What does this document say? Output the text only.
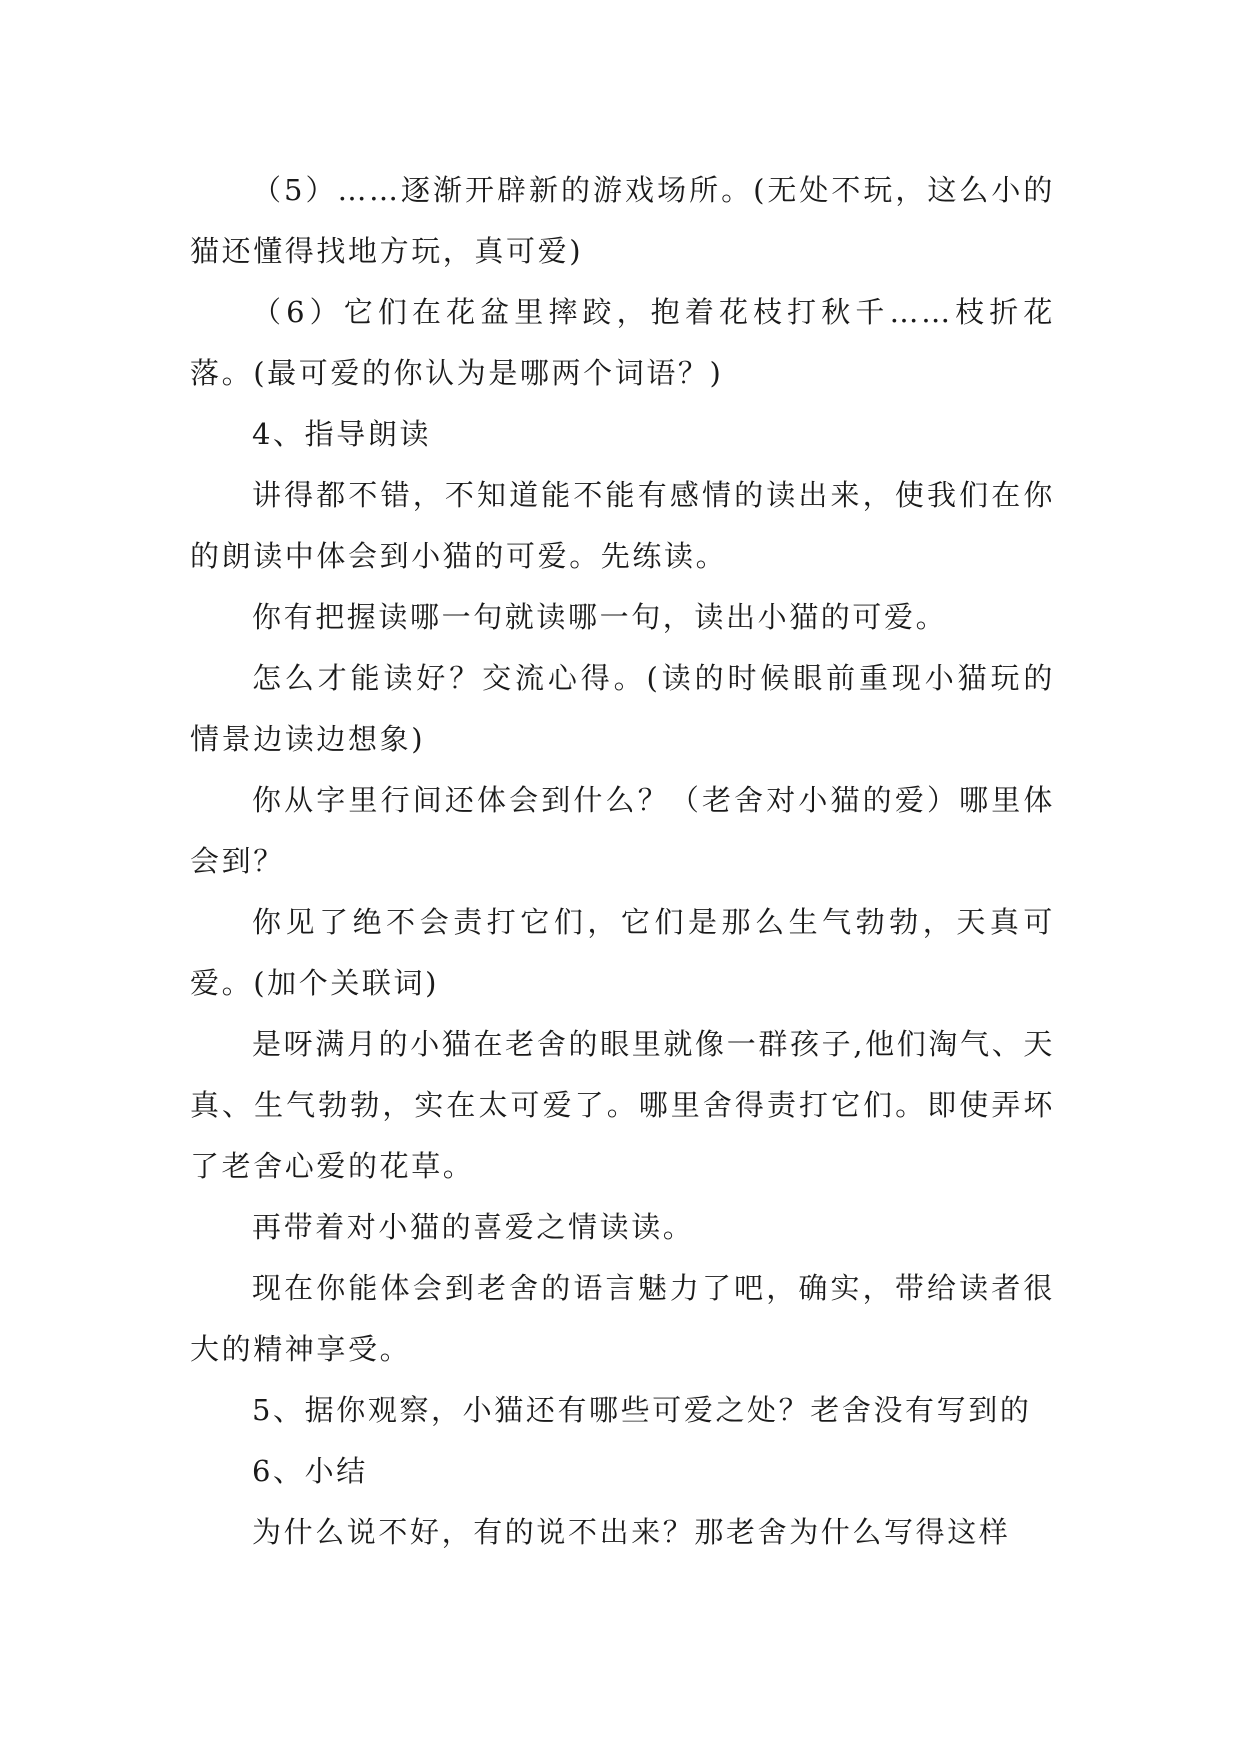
（5）……逐渐开辟新的游戏场所。(无处不玩，这么小的猫还懂得找地方玩，真可爱)

（6）它们在花盆里摔跤，抱着花枝打秋千……枝折花落。(最可爱的你认为是哪两个词语？)

4、指导朗读

讲得都不错，不知道能不能有感情的读出来，使我们在你的朗读中体会到小猫的可爱。先练读。

你有把握读哪一句就读哪一句，读出小猫的可爱。

怎么才能读好？交流心得。(读的时候眼前重现小猫玩的情景边读边想象)

你从字里行间还体会到什么？（老舍对小猫的爱）哪里体会到？

你见了绝不会责打它们，它们是那么生气勃勃，天真可爱。(加个关联词)

是呀满月的小猫在老舍的眼里就像一群孩子,他们淘气、天真、生气勃勃，实在太可爱了。哪里舍得责打它们。即使弄坏了老舍心爱的花草。

再带着对小猫的喜爱之情读读。

现在你能体会到老舍的语言魅力了吧，确实，带给读者很大的精神享受。

5、据你观察，小猫还有哪些可爱之处？老舍没有写到的

6、小结

为什么说不好，有的说不出来？那老舍为什么写得这样
